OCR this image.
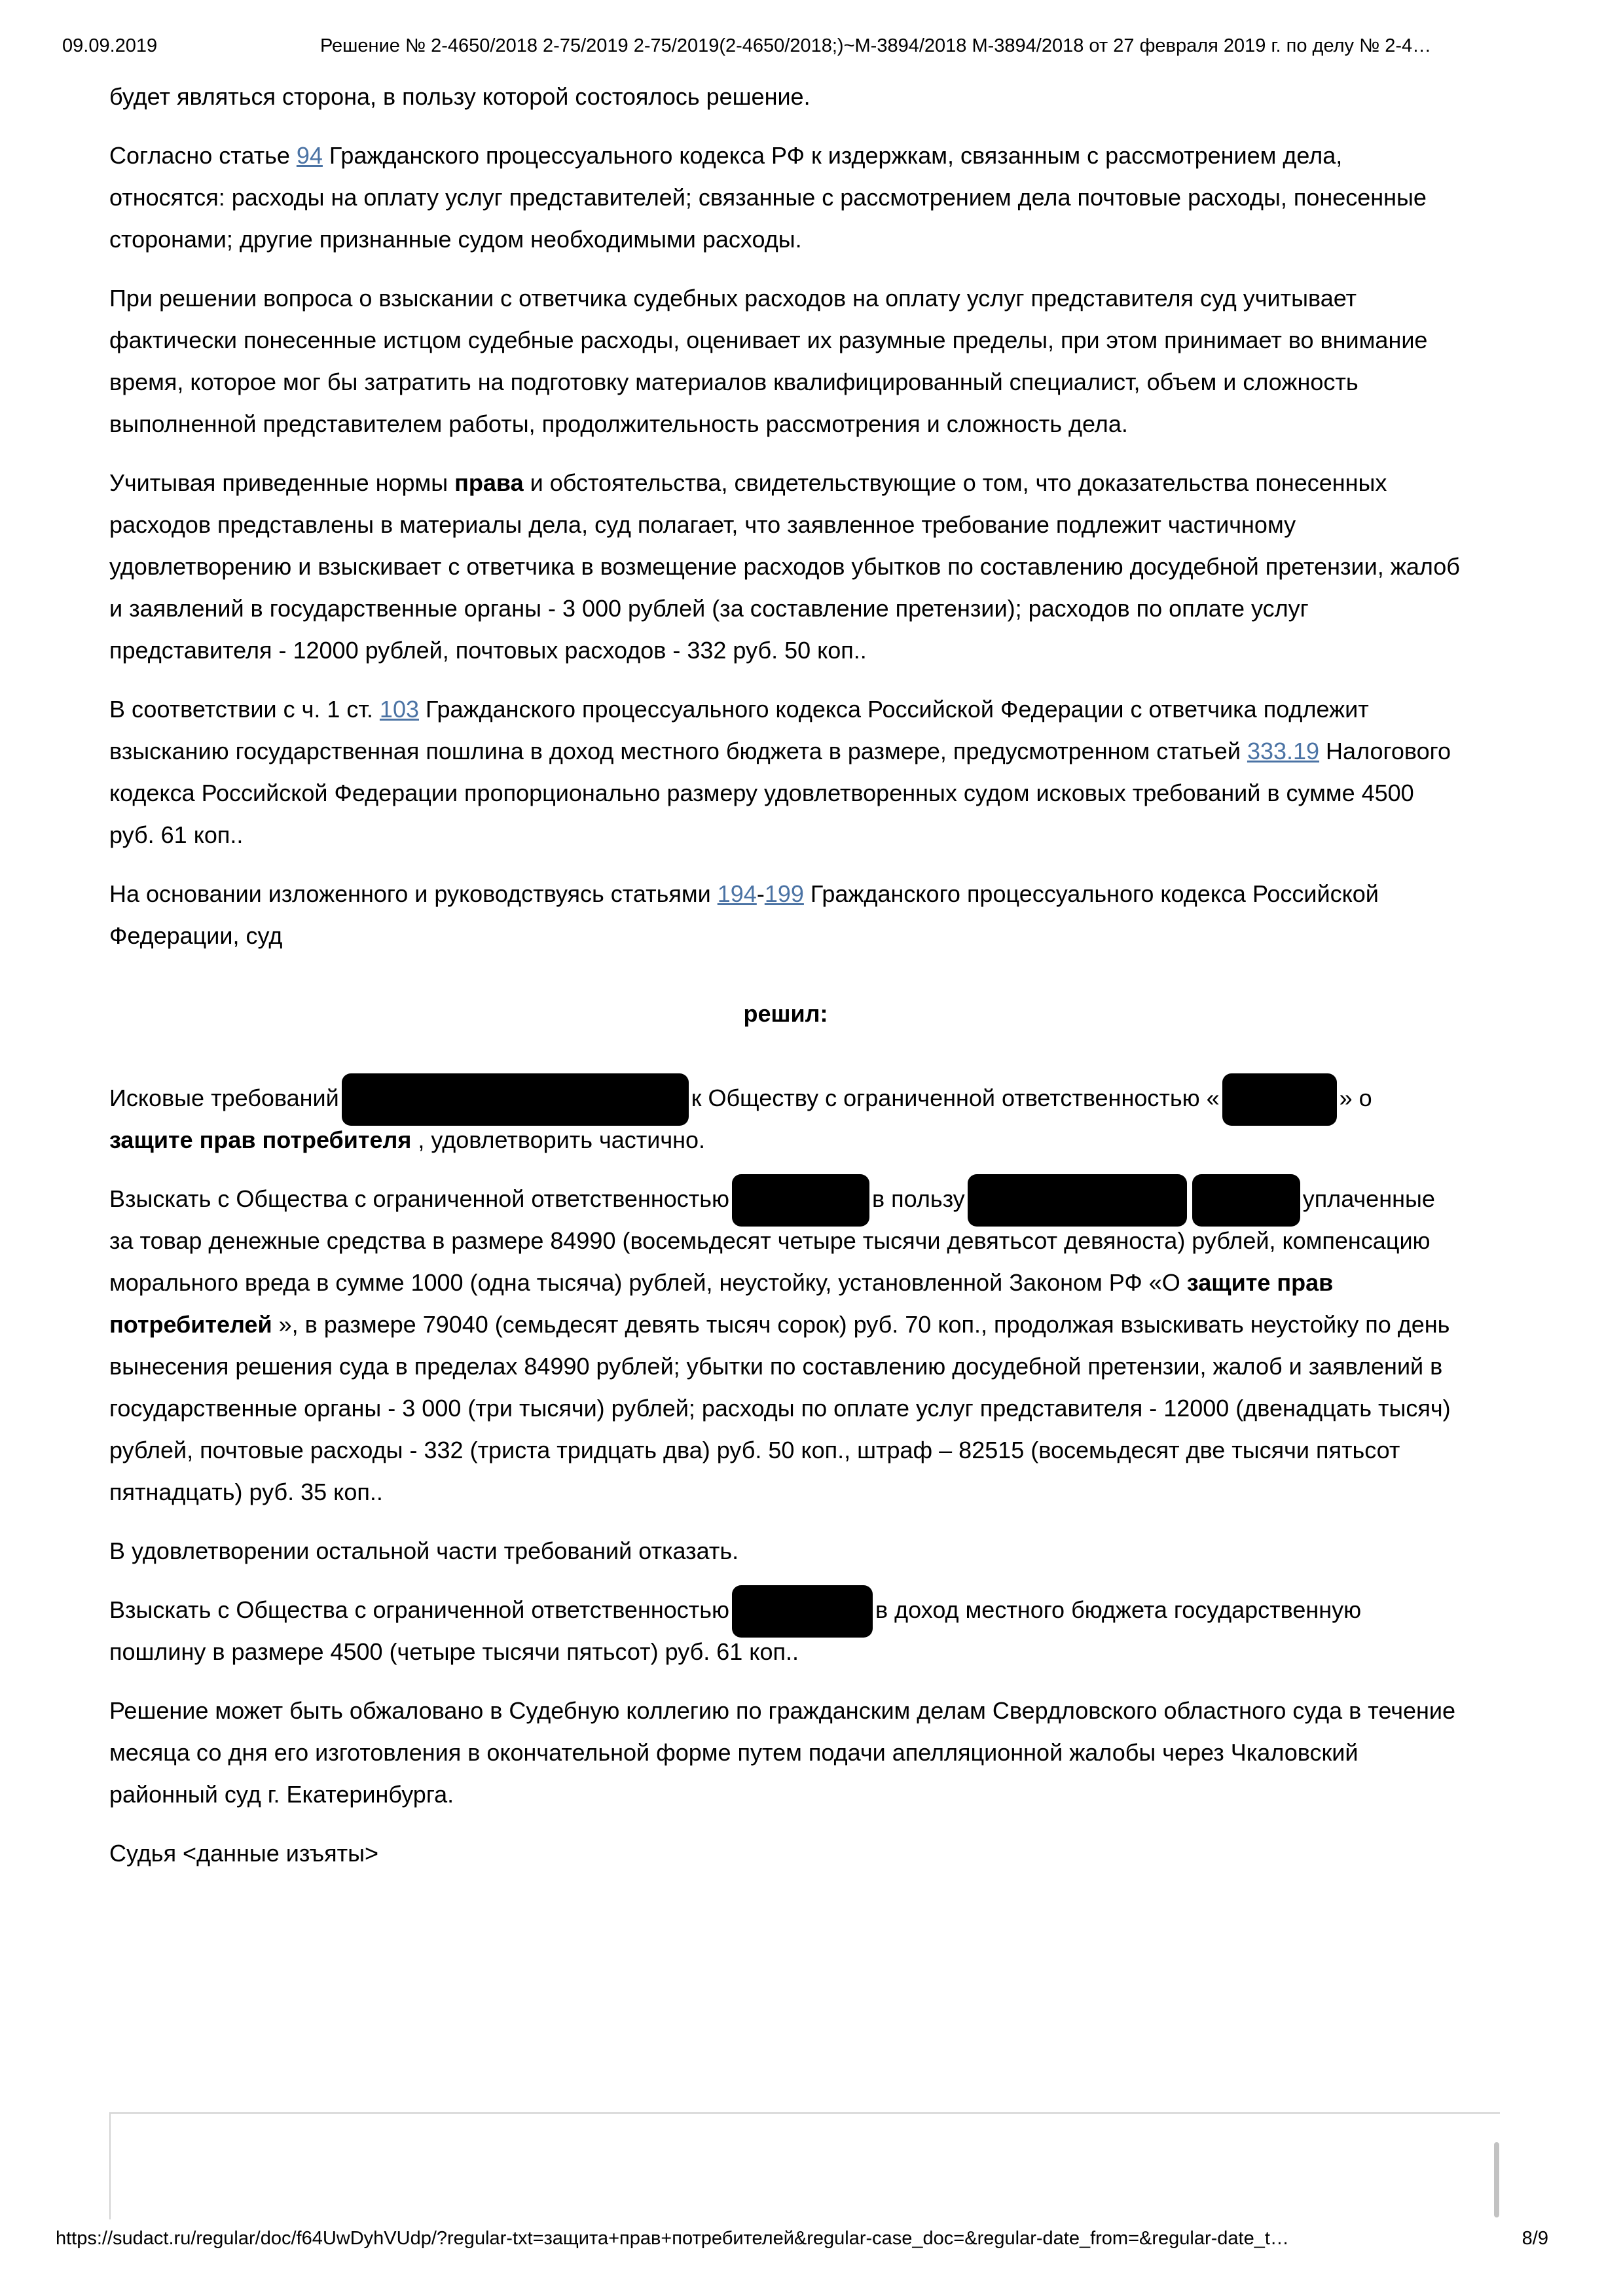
09.09.2019	Решение № 2-4650/2018 2-75/2019 2-75/2019(2-4650/2018;)~М-3894/2018 М-3894/2018 от 27 февраля 2019 г. по делу № 2-4…

будет являться сторона, в пользу которой состоялось решение.

Согласно статье 94 Гражданского процессуального кодекса РФ к издержкам, связанным с рассмотрением дела, относятся: расходы на оплату услуг представителей; связанные с рассмотрением дела почтовые расходы, понесенные сторонами; другие признанные судом необходимыми расходы.

При решении вопроса о взыскании с ответчика судебных расходов на оплату услуг представителя суд учитывает фактически понесенные истцом судебные расходы, оценивает их разумные пределы, при этом принимает во внимание время, которое мог бы затратить на подготовку материалов квалифицированный специалист, объем и сложность выполненной представителем работы, продолжительность рассмотрения и сложность дела.

Учитывая приведенные нормы права и обстоятельства, свидетельствующие о том, что доказательства понесенных расходов представлены в материалы дела, суд полагает, что заявленное требование подлежит частичному удовлетворению и взыскивает с ответчика в возмещение расходов убытков по составлению досудебной претензии, жалоб и заявлений в государственные органы - 3 000 рублей (за составление претензии); расходов по оплате услуг представителя - 12000 рублей, почтовых расходов - 332 руб. 50 коп..

В соответствии с ч. 1 ст. 103 Гражданского процессуального кодекса Российской Федерации с ответчика подлежит взысканию государственная пошлина в доход местного бюджета в размере, предусмотренном статьей 333.19 Налогового кодекса Российской Федерации пропорционально размеру удовлетворенных судом исковых требований в сумме 4500 руб. 61 коп..

На основании изложенного и руководствуясь статьями 194-199 Гражданского процессуального кодекса Российской Федерации, суд

решил:

Исковые требований	к Обществу с ограниченной ответственностью «	» о защите прав потребителя , удовлетворить частично.

Взыскать с Общества с ограниченной ответственностью	в пользу	уплаченные за товар денежные средства в размере 84990 (восемьдесят четыре тысячи девятьсот девяноста) рублей, компенсацию морального вреда в сумме 1000 (одна тысяча) рублей, неустойку, установленной Законом РФ «О защите прав потребителей », в размере 79040 (семьдесят девять тысяч сорок) руб. 70 коп., продолжая взыскивать неустойку по день вынесения решения суда в пределах 84990 рублей; убытки по составлению досудебной претензии, жалоб и заявлений в государственные органы - 3 000 (три тысячи) рублей; расходы по оплате услуг представителя - 12000 (двенадцать тысяч) рублей, почтовые расходы - 332 (триста тридцать два) руб. 50 коп., штраф – 82515 (восемьдесят две тысячи пятьсот пятнадцать) руб. 35 коп..

В удовлетворении остальной части требований отказать.

Взыскать с Общества с ограниченной ответственностью	в доход местного бюджета государственную пошлину в размере 4500 (четыре тысячи пятьсот) руб. 61 коп..

Решение может быть обжаловано в Судебную коллегию по гражданским делам Свердловского областного суда в течение месяца со дня его изготовления в окончательной форме путем подачи апелляционной жалобы через Чкаловский районный суд г. Екатеринбурга.

Судья <данные изъяты>

https://sudact.ru/regular/doc/f64UwDyhVUdp/?regular-txt=защита+прав+потребителей&regular-case_doc=&regular-date_from=&regular-date_t…	8/9
